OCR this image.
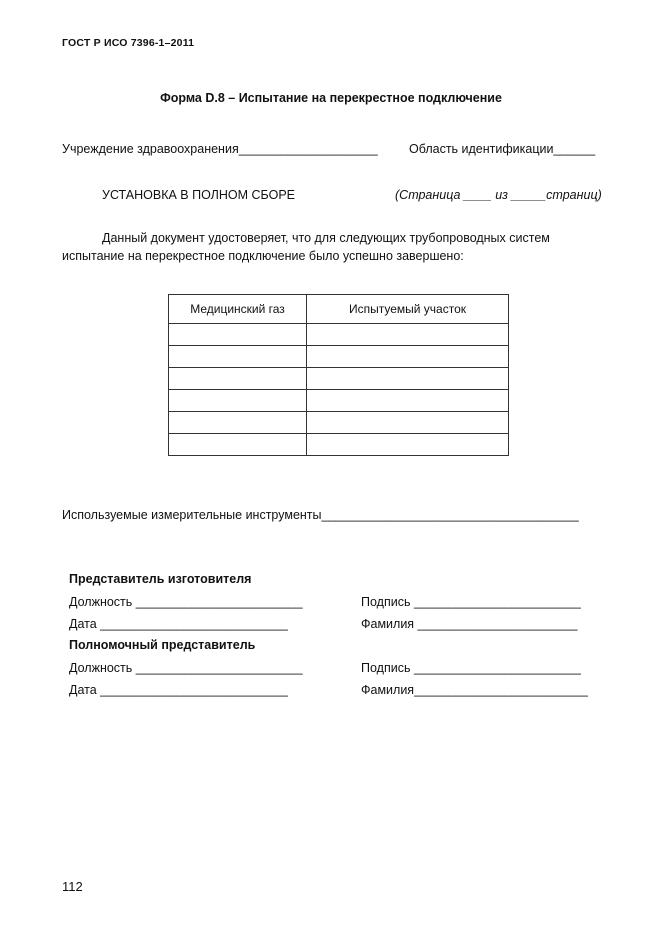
ГОСТ Р ИСО 7396-1–2011
Форма D.8 – Испытание на перекрестное подключение
Учреждение здравоохранения____________________ Область идентификации______
УСТАНОВКА В ПОЛНОМ СБОРЕ	(Страница ____ из _____страниц)
Данный документ удостоверяет, что для следующих трубопроводных систем испытание на перекрестное подключение было успешно завершено:
Медицинский газ	Испытуемый участок

Используемые измерительные инструменты_____________________________________
Представитель изготовителя
Должность ________________________	Подпись ________________________
Дата ___________________________	Фамилия _______________________
Полномочный представитель
Должность ________________________	Подпись ________________________
Дата ___________________________	Фамилия_________________________
112
